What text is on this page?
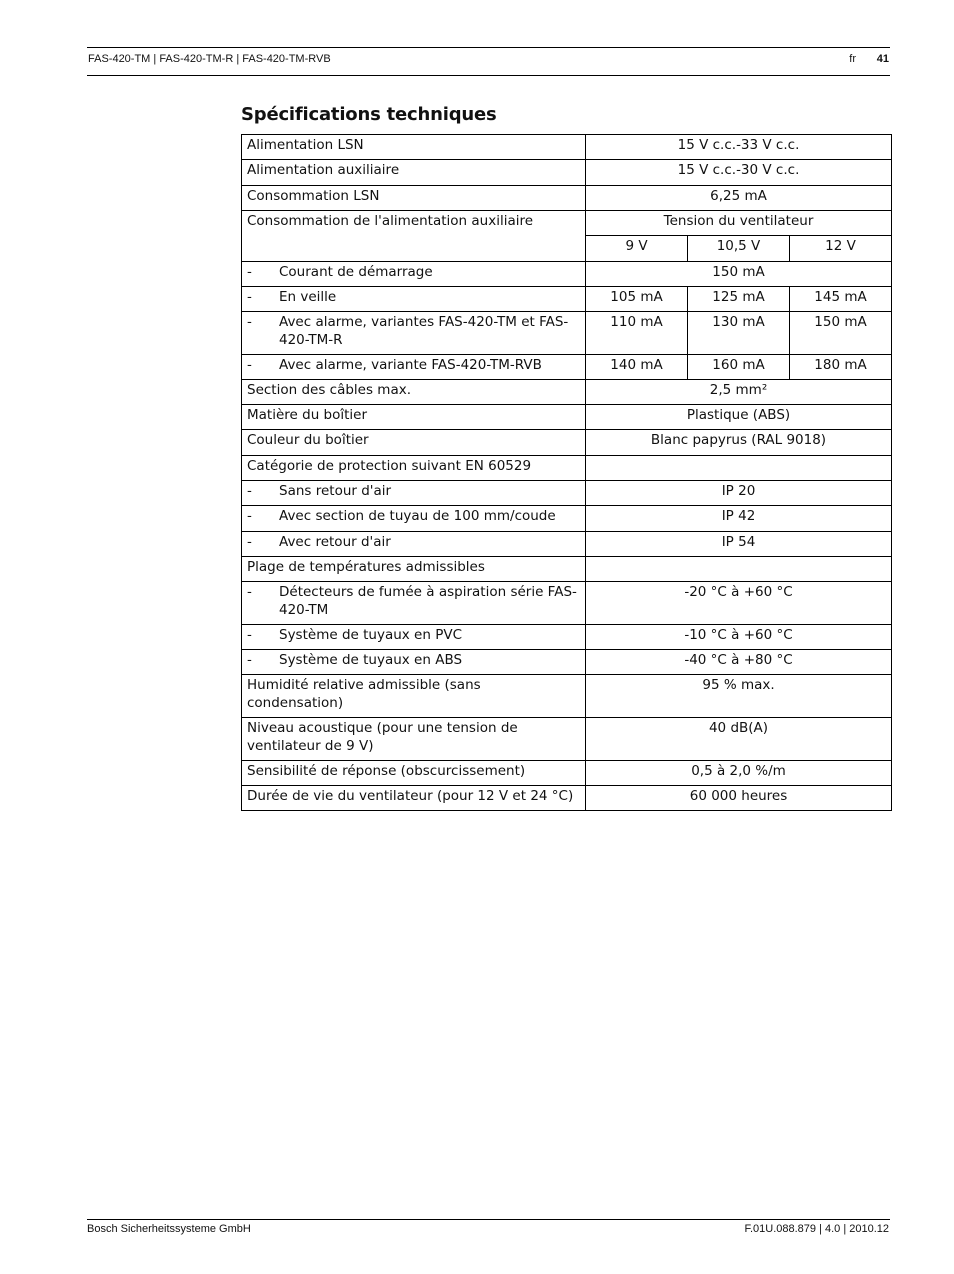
FAS-420-TM | FAS-420-TM-R | FAS-420-TM-RVB	fr 41
Spécifications techniques
Alimentation LSN	15 V c.c.-33 V c.c.		
Alimentation auxiliaire	15 V c.c.-30 V c.c.		
Consommation LSN	6,25 mA		
Consommation de l'alimentation auxiliaire	Tension du ventilateur		
	9 V	10,5 V	12 V
- Courant de démarrage	150 mA		
- En veille	105 mA	125 mA	145 mA
- Avec alarme, variantes FAS-420-TM et FAS-420-TM-R	110 mA	130 mA	150 mA
- Avec alarme, variante FAS-420-TM-RVB	140 mA	160 mA	180 mA
Section des câbles max.	2,5 mm²		
Matière du boîtier	Plastique (ABS)		
Couleur du boîtier	Blanc papyrus (RAL 9018)		
Catégorie de protection suivant EN 60529			
- Sans retour d'air	IP 20		
- Avec section de tuyau de 100 mm/coude	IP 42		
- Avec retour d'air	IP 54		
Plage de températures admissibles			
- Détecteurs de fumée à aspiration série FAS-420-TM	-20 °C à +60 °C		
- Système de tuyaux en PVC	-10 °C à +60 °C		
- Système de tuyaux en ABS	-40 °C à +80 °C		
Humidité relative admissible (sans condensation)	95 % max.		
Niveau acoustique (pour une tension de ventilateur de 9 V)	40 dB(A)		
Sensibilité de réponse (obscurcissement)	0,5 à 2,0 %/m		
Durée de vie du ventilateur (pour 12 V et 24 °C)	60 000 heures		
Bosch Sicherheitssysteme GmbH	F.01U.088.879 | 4.0 | 2010.12
